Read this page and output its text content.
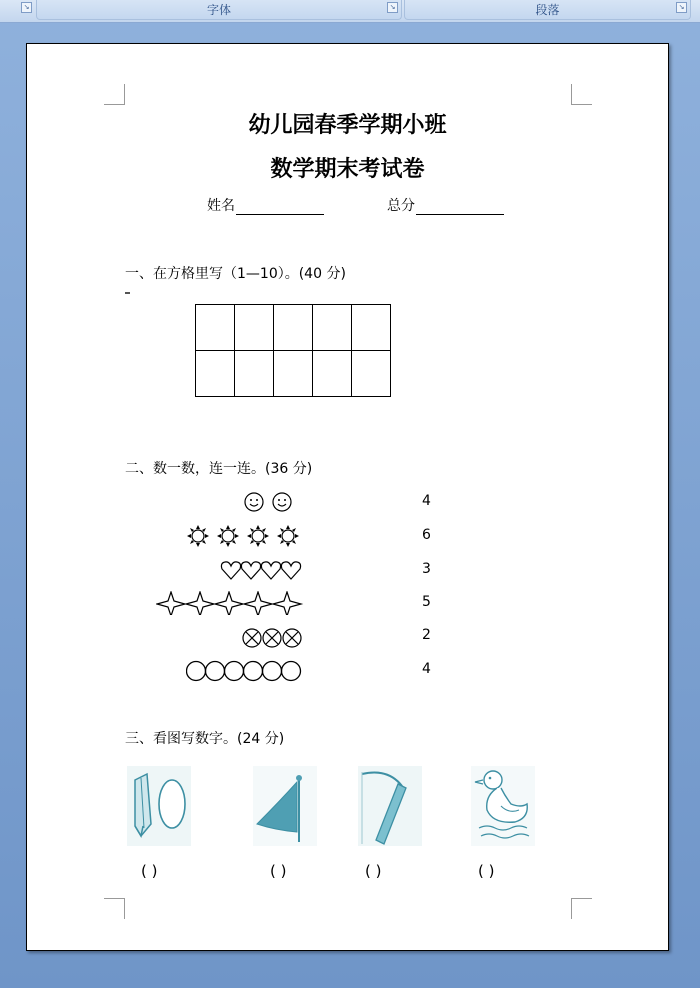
字体	↘
↘	段落	↘
幼儿园春季学期小班
数学期末考试卷
姓名	总分
一、在方格里写（1—10）。(40 分)

二、数一数，连一连。(36 分)
4
6
3
5
2
4
三、看图写数字。(24 分)
( )	( )	( )	( )
